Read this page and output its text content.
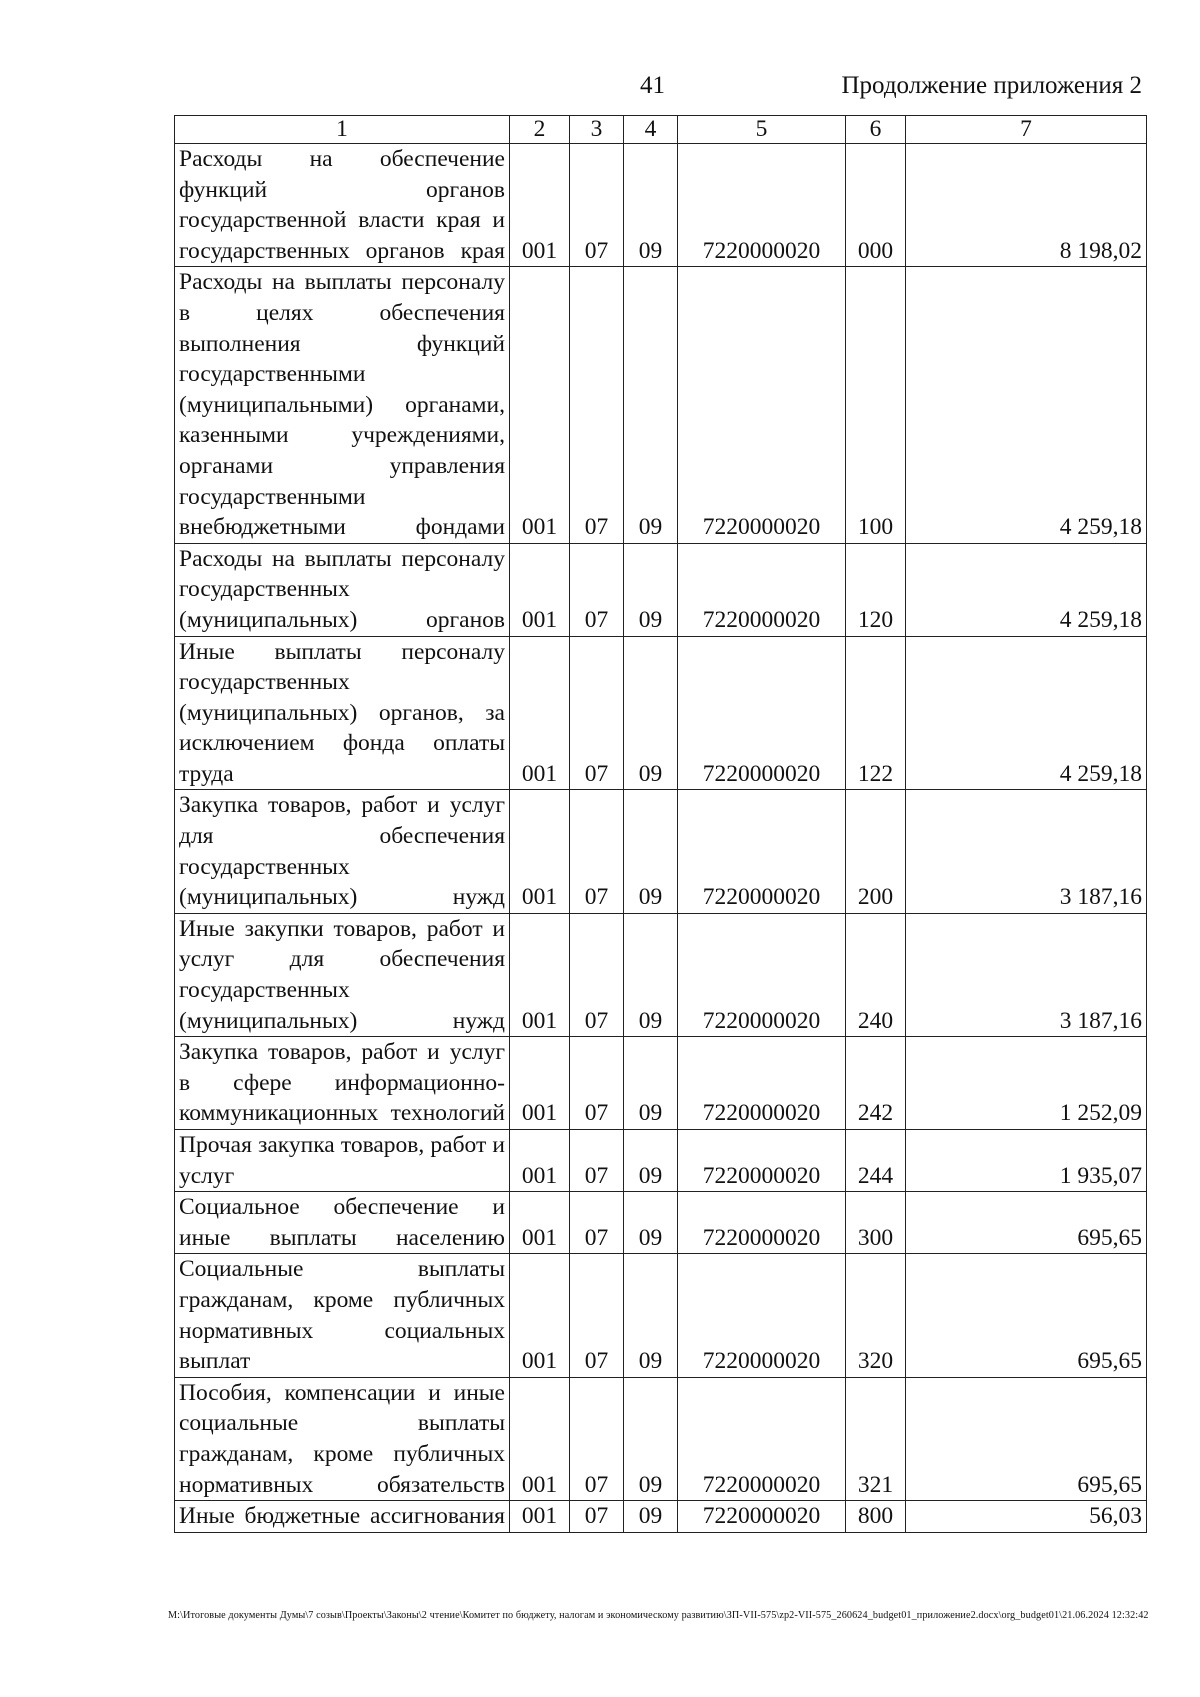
41	Продолжение приложения 2
1	2	3	4	5	6	7
Расходы на обеспечение функций органов государственной власти края и государственных органов края	001	07	09	7220000020	000	8 198,02
Расходы на выплаты персоналу в целях обеспечения выполнения функций государственными (муниципальными) органами, казенными учреждениями, органами управления государственными внебюджетными фондами	001	07	09	7220000020	100	4 259,18
Расходы на выплаты персоналу государственных (муниципальных) органов	001	07	09	7220000020	120	4 259,18
Иные выплаты персоналу государственных (муниципальных) органов, за исключением фонда оплаты труда	001	07	09	7220000020	122	4 259,18
Закупка товаров, работ и услуг для обеспечения государственных (муниципальных) нужд	001	07	09	7220000020	200	3 187,16
Иные закупки товаров, работ и услуг для обеспечения государственных (муниципальных) нужд	001	07	09	7220000020	240	3 187,16
Закупка товаров, работ и услуг в сфере информационно-коммуникационных технологий	001	07	09	7220000020	242	1 252,09
Прочая закупка товаров, работ и услуг	001	07	09	7220000020	244	1 935,07
Социальное обеспечение и иные выплаты населению	001	07	09	7220000020	300	695,65
Социальные выплаты гражданам, кроме публичных нормативных социальных выплат	001	07	09	7220000020	320	695,65
Пособия, компенсации и иные социальные выплаты гражданам, кроме публичных нормативных обязательств	001	07	09	7220000020	321	695,65
Иные бюджетные ассигнования	001	07	09	7220000020	800	56,03
M:\Итоговые документы Думы\7 созыв\Проекты\Законы\2 чтение\Комитет по бюджету, налогам и экономическому развитию\ЗП-VII-575\zp2-VII-575_260624_budget01_приложение2.docx\org_budget01\21.06.2024 12:32:42
